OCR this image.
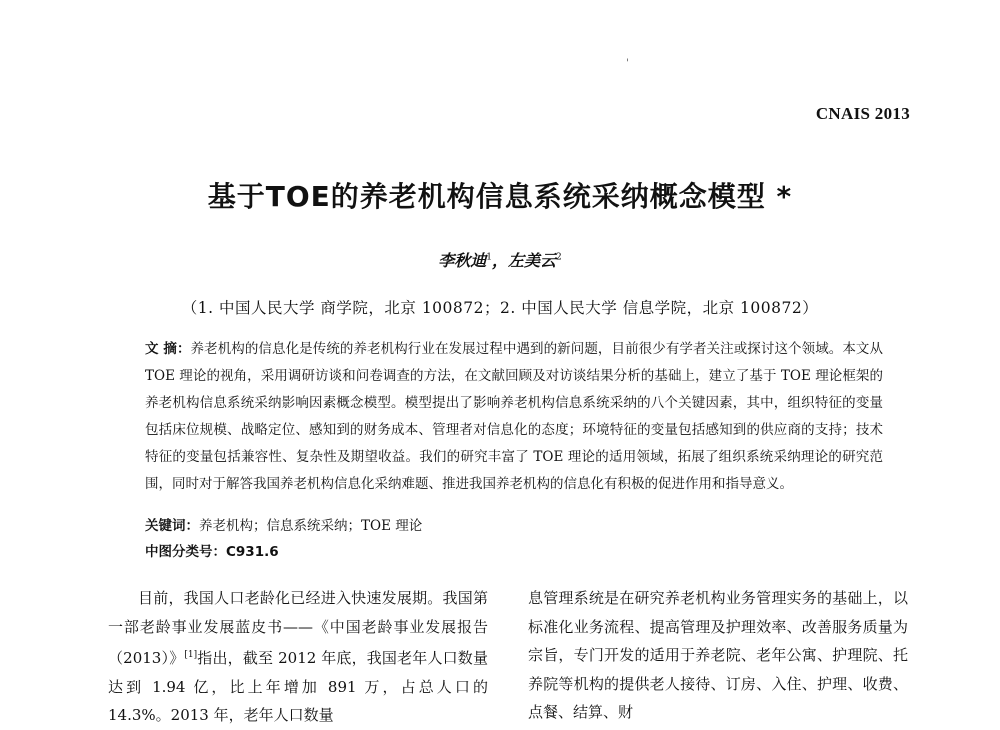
'
CNAIS 2013
基于TOE的养老机构信息系统采纳概念模型 *
李秋迪$^1$，左美云$^2$
（1. 中国人民大学 商学院，北京 100872；2. 中国人民大学 信息学院，北京 100872）
文 摘：养老机构的信息化是传统的养老机构行业在发展过程中遇到的新问题，目前很少有学者关注或探讨这个领域。本文从 TOE 理论的视角，采用调研访谈和问卷调查的方法，在文献回顾及对访谈结果分析的基础上，建立了基于 TOE 理论框架的养老机构信息系统采纳影响因素概念模型。模型提出了影响养老机构信息系统采纳的八个关键因素，其中，组织特征的变量包括床位规模、战略定位、感知到的财务成本、管理者对信息化的态度；环境特征的变量包括感知到的供应商的支持；技术特征的变量包括兼容性、复杂性及期望收益。我们的研究丰富了 TOE 理论的适用领域，拓展了组织系统采纳理论的研究范围，同时对于解答我国养老机构信息化采纳难题、推进我国养老机构的信息化有积极的促进作用和指导意义。
关键词：养老机构；信息系统采纳；TOE 理论
中图分类号：C931.6
目前，我国人口老龄化已经进入快速发展期。我国第一部老龄事业发展蓝皮书——《中国老龄事业发展报告（2013）》[1]指出，截至 2012 年底，我国老年人口数量达到 1.94 亿，比上年增加 891 万，占总人口的 14.3%。2013 年，老年人口数量
息管理系统是在研究养老机构业务管理实务的基础上，以标准化业务流程、提高管理及护理效率、改善服务质量为宗旨，专门开发的适用于养老院、老年公寓、护理院、托养院等机构的提供老人接待、订房、入住、护理、收费、点餐、结算、财
